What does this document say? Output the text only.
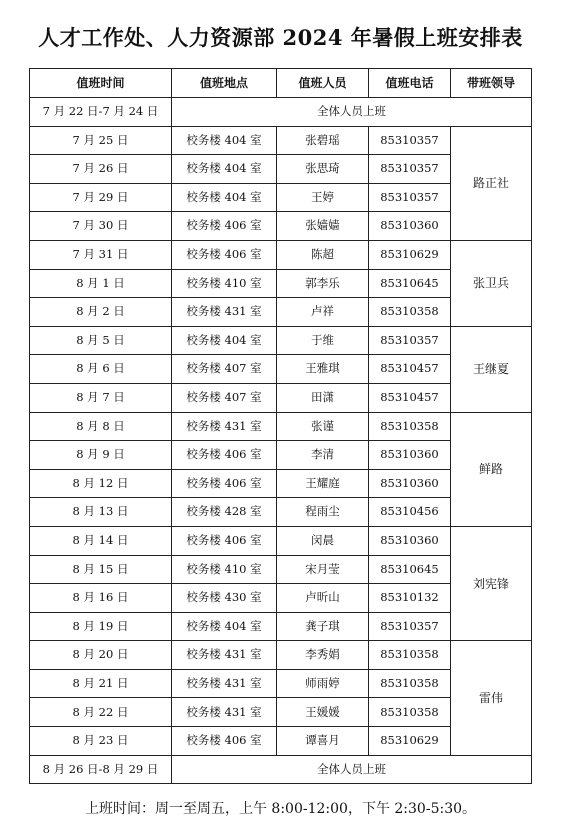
人才工作处、人力资源部 2024 年暑假上班安排表
值班时间	值班地点	值班人员	值班电话	带班领导
7 月 22 日-7 月 24 日	全体人员上班			
7 月 25 日	校务楼 404 室	张碧瑶	85310357	路正社
7 月 26 日	校务楼 404 室	张思琦	85310357	
7 月 29 日	校务楼 404 室	王婷	85310357	
7 月 30 日	校务楼 406 室	张嫱嫱	85310360	
7 月 31 日	校务楼 406 室	陈超	85310629	张卫兵
8 月 1 日	校务楼 410 室	郭李乐	85310645	
8 月 2 日	校务楼 431 室	卢祥	85310358	
8 月 5 日	校务楼 404 室	于维	85310357	王继夏
8 月 6 日	校务楼 407 室	王雅琪	85310457	
8 月 7 日	校务楼 407 室	田潇	85310457	
8 月 8 日	校务楼 431 室	张谨	85310358	鲜路
8 月 9 日	校务楼 406 室	李清	85310360	
8 月 12 日	校务楼 406 室	王耀庭	85310360	
8 月 13 日	校务楼 428 室	程雨尘	85310456	
8 月 14 日	校务楼 406 室	闵晨	85310360	刘宪锋
8 月 15 日	校务楼 410 室	宋月莹	85310645	
8 月 16 日	校务楼 430 室	卢昕山	85310132	
8 月 19 日	校务楼 404 室	龚子琪	85310357	
8 月 20 日	校务楼 431 室	李秀娟	85310358	雷伟
8 月 21 日	校务楼 431 室	师雨婷	85310358	
8 月 22 日	校务楼 431 室	王媛媛	85310358	
8 月 23 日	校务楼 406 室	谭喜月	85310629	
8 月 26 日-8 月 29 日	全体人员上班			
上班时间：周一至周五，上午 8:00-12:00，下午 2:30-5:30。
